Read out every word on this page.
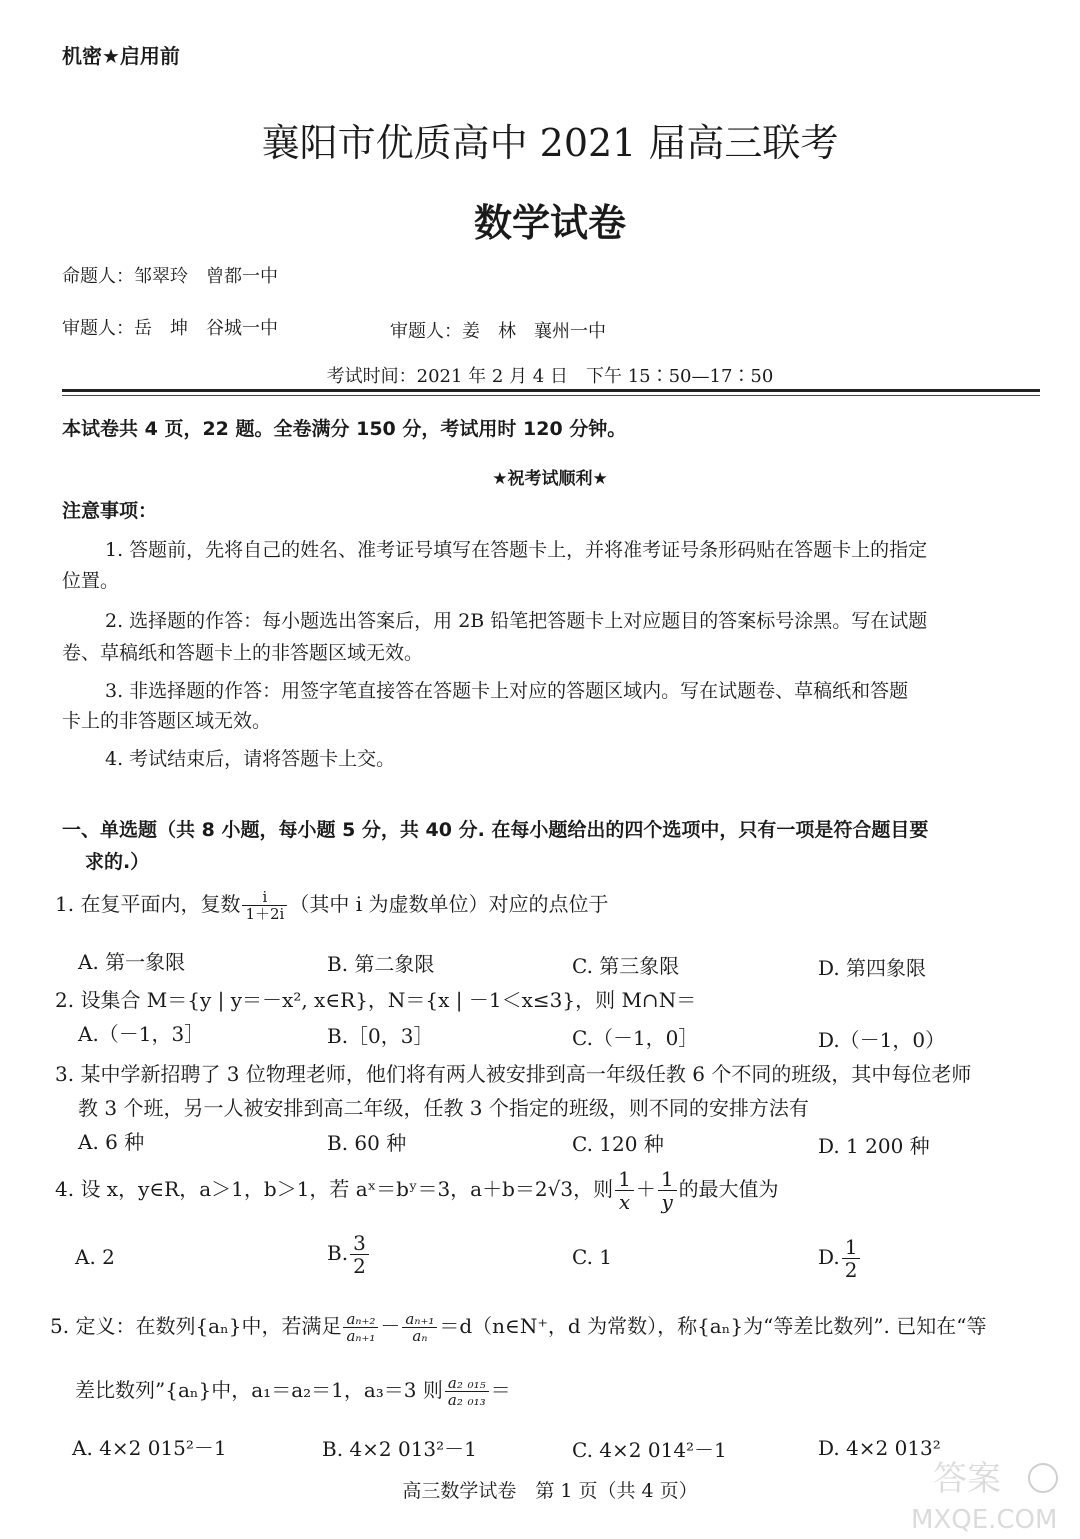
机密★启用前
襄阳市优质高中 2021 届高三联考
数学试卷
命题人：邹翠玲　曾都一中
审题人：岳　坤　谷城一中	审题人：姜　林　襄州一中
考试时间：2021 年 2 月 4 日　下午 15∶50—17∶50
本试卷共 4 页，22 题。全卷满分 150 分，考试用时 120 分钟。
★祝考试顺利★
注意事项：
1. 答题前，先将自己的姓名、准考证号填写在答题卡上，并将准考证号条形码贴在答题卡上的指定
位置。
2. 选择题的作答：每小题选出答案后，用 2B 铅笔把答题卡上对应题目的答案标号涂黑。写在试题
卷、草稿纸和答题卡上的非答题区域无效。
3. 非选择题的作答：用签字笔直接答在答题卡上对应的答题区域内。写在试题卷、草稿纸和答题
卡上的非答题区域无效。
4. 考试结束后，请将答题卡上交。
一、单选题（共 8 小题，每小题 5 分，共 40 分. 在每小题给出的四个选项中，只有一项是符合题目要
求的.）
1. 在复平面内，复数 $\frac{i}{1+2i}$ （其中 i 为虚数单位）对应的点位于
A. 第一象限	B. 第二象限	C. 第三象限	D. 第四象限
2. 设集合 M＝{y | y＝－x², x∈R}，N＝{x | －1＜x≤3}，则 M∩N＝
A.（－1，3］	B.［0，3］	C.（－1，0］	D.（－1，0）
3. 某中学新招聘了 3 位物理老师，他们将有两人被安排到高一年级任教 6 个不同的班级，其中每位老师
教 3 个班，另一人被安排到高二年级，任教 3 个指定的班级，则不同的安排方法有
A. 6 种	B. 60 种	C. 120 种	D. 1 200 种
4. 设 x，y∈R，a＞1，b＞1，若 aˣ＝bʸ＝3，a＋b＝2√3，则 $\frac{1}{x} + \frac{1}{y}$ 的最大值为
A. 2	B. $\frac{3}{2}$	C. 1	D. $\frac{1}{2}$
5. 定义：在数列{aₙ}中，若满足 $\frac{\text{aₙ₊₂}}{\text{aₙ₊₁}} - \frac{\text{aₙ₊₁}}{\text{aₙ}}$ ＝d（n∈N⁺，d 为常数），称{aₙ}为“等差比数列”. 已知在“等
差比数列”{aₙ}中，a₁＝a₂＝1，a₃＝3 则 $\frac{\text{a₂ ₀₁₅}}{\text{a₂ ₀₁₃}}$ ＝
A. 4×2 015²－1	B. 4×2 013²－1	C. 4×2 014²－1	D. 4×2 013²
高三数学试卷　第 1 页（共 4 页）	答案
MXQE.COM
